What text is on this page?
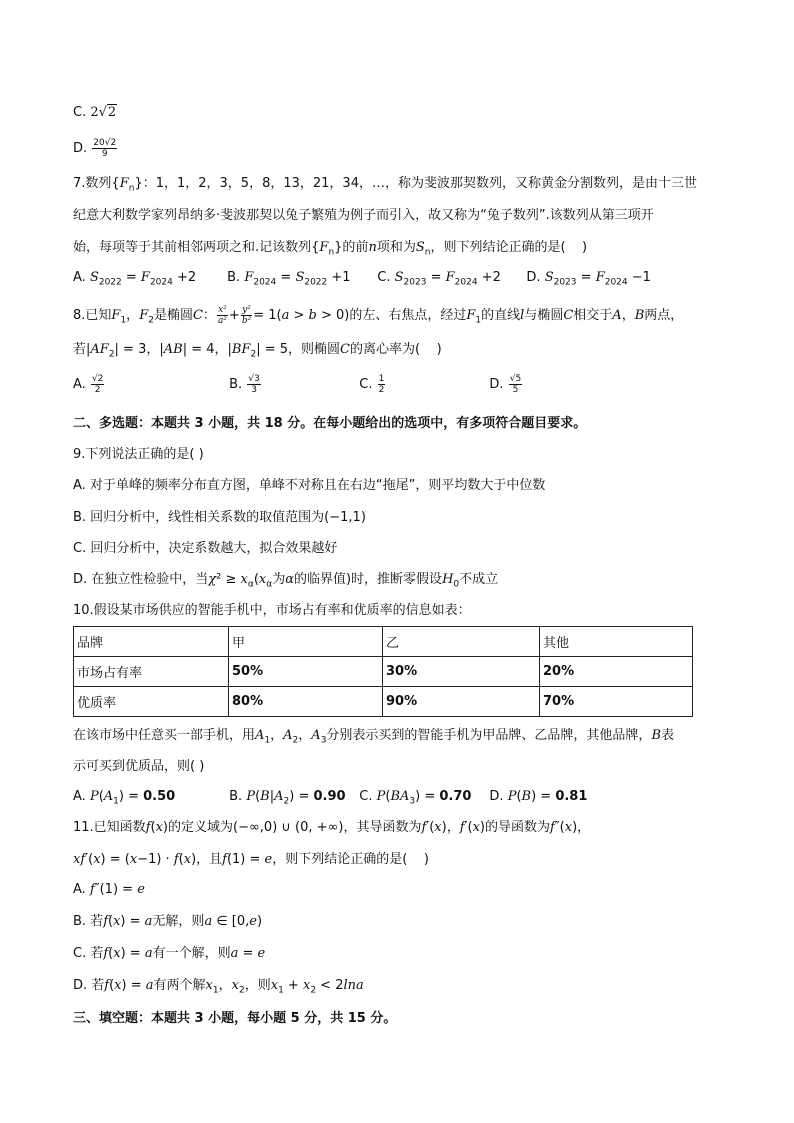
C. 2√2
D. $\frac{20√2}{9}$
7.数列$\{F_n\}$：1，1，2，3，5，8，13，21，34，…，称为斐波那契数列，又称黄金分割数列，是由十三世
纪意大利数学家列昂纳多·斐波那契以兔子繁殖为例子而引入，故又称为“兔子数列”.该数列从第三项开
始，每项等于其前相邻两项之和.记该数列$\{F_n\}$的前n项和为$S_n$，则下列结论正确的是(    )
A. $S_{2022} = F_{2024} +2$ B. $F_{2024} = S_{2022} +1$ C. $S_{2023} = F_{2024} +2$ D. $S_{2023} = F_{2024} -1$
8.已知$F_1$，$F_2$是椭圆C： $\frac{\text{x²}}{\text{a²}} + \frac{\text{y²}}{\text{b²}} = 1(a > b > 0)$的左、右焦点，经过$F_1$的直线l与椭圆C相交于A，B两点，
若$|AF_2| = 3$，|AB| = 4，$|BF_2| = 5$，则椭圆C的离心率为(    )
A. $\frac{√2}{2}$	B. $\frac{√3}{3}$	C. $\frac{1}{2}$	D. $\frac{√5}{5}$
二、多选题：本题共 3 小题，共 18 分。在每小题给出的选项中，有多项符合题目要求。
9.下列说法正确的是( )
A. 对于单峰的频率分布直方图，单峰不对称且在右边“拖尾”，则平均数大于中位数
B. 回归分析中，线性相关系数的取值范围为(−1,1)
C. 回归分析中，决定系数越大，拟合效果越好
D. 在独立性检验中，当$\chi^2 \ge x_\alpha(x_\alpha$为α的临界值)时，推断零假设$H_0$不成立
10.假设某市场供应的智能手机中，市场占有率和优质率的信息如表：
品牌	甲	乙	其他
市场占有率	50%	30%	20%
优质率	80%	90%	70%
在该市场中任意买一部手机，用$A_1$，$A_2$，$A_3$分别表示买到的智能手机为甲品牌、乙品牌，其他品牌，B表
示可买到优质品，则( )
A. $P(A_1) = 0.50$	B. $P(B|A_2) = 0.90$ C. $P(BA_3) = 0.70$ D. P(B) = 0.81
11.已知函数f(x)的定义域为(−∞,0) ∪ (0, +∞)，其导函数为f′(x)，f′(x)的导函数为f″(x)，
xf′(x) = (x−1) · f(x)，且f(1) = e，则下列结论正确的是(    )
A. f″(1) = e
B. 若f(x) = a无解，则a ∈ [0,e)
C. 若f(x) = a有一个解，则a = e
D. 若f(x) = a有两个解$x_1$，$x_2$，则$x_1 + x_2 < 2\ln a$
三、填空题：本题共 3 小题，每小题 5 分，共 15 分。
